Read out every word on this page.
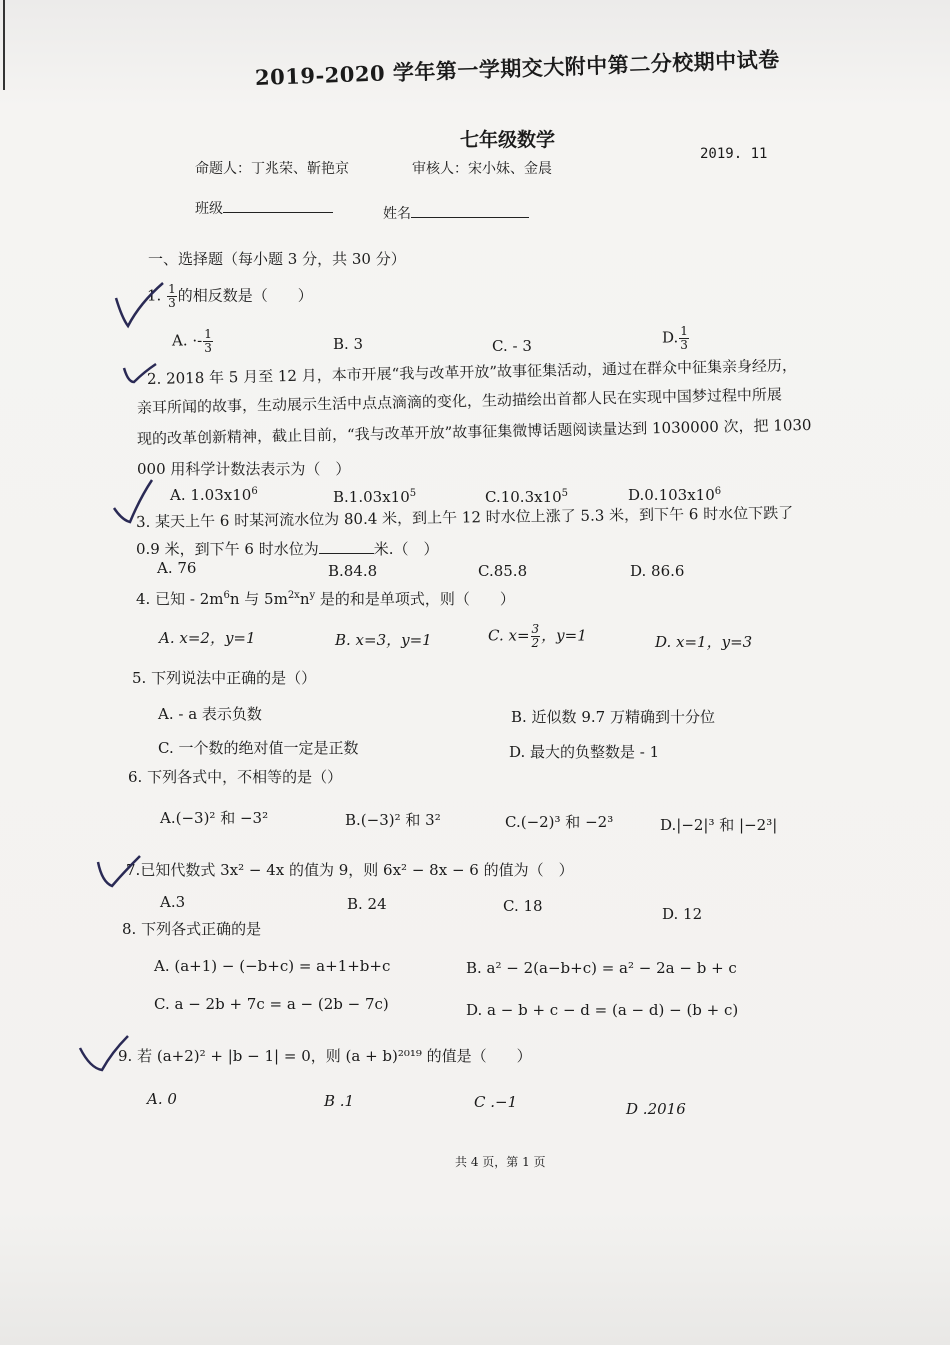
2019-2020 学年第一学期交大附中第二分校期中试卷
七年级数学
命题人：丁兆荣、靳艳京	审核人：宋小妹、金晨
2019. 11
班级	姓名
一、选择题（每小题 3 分，共 30 分）
1. $\frac{1}{3}$ 的相反数是（　　）
A. ·- $\frac{1}{3}$	B. 3	C. - 3	D. $\frac{1}{3}$
2. 2018 年 5 月至 12 月，本市开展“我与改革开放”故事征集活动，通过在群众中征集亲身经历，
亲耳所闻的故事，生动展示生活中点点滴滴的变化，生动描绘出首都人民在实现中国梦过程中所展
现的改革创新精神，截止目前，“我与改革开放”故事征集微博话题阅读量达到 1030000 次，把 1030
000 用科学计数法表示为（　）
A. $1.03x10^6$	$B.1.03x10^5$	$C.10.3x10^5$	$D.0.103x10^6$
3. 某天上午 6 时某河流水位为 80.4 米，到上午 12 时水位上涨了 5.3 米，到下午 6 时水位下跌了
0.9 米，到下午 6 时水位为	米.（　）
A. 76	B.84.8	C.85.8	D. 86.6
4. 已知 - $2m^6n$ 与 $5m^{2x}n^y$ 是的和是单项式，则（　　）
A. x=2，y=1	B. x=3，y=1	C. $x= \frac{3}{2}$ ，y=1	D. x=1，y=3
5. 下列说法中正确的是（）
A. - a 表示负数	B. 近似数 9.7 万精确到十分位
C. 一个数的绝对值一定是正数	D. 最大的负整数是 - 1
6. 下列各式中，不相等的是（）
A.(−3)² 和 −3²	B.(−3)² 和 3²	C.(−2)³ 和 −2³	D.|−2|³ 和 |−2³|
7.已知代数式 3x² − 4x 的值为 9，则 6x² − 8x − 6 的值为（　）
A.3	B. 24	C. 18	D. 12
8. 下列各式正确的是
A. (a+1) − (−b+c) = a+1+b+c	B. a² − 2(a−b+c) = a² − 2a − b + c
C. a − 2b + 7c = a − (2b − 7c)	D. a − b + c − d = (a − d) − (b + c)
9. 若 (a+2)² + |b − 1| = 0，则 (a + b)²⁰¹⁹ 的值是（　　）
A. 0	B .1	C .−1	D .2016
共 4 页，第 1 页
